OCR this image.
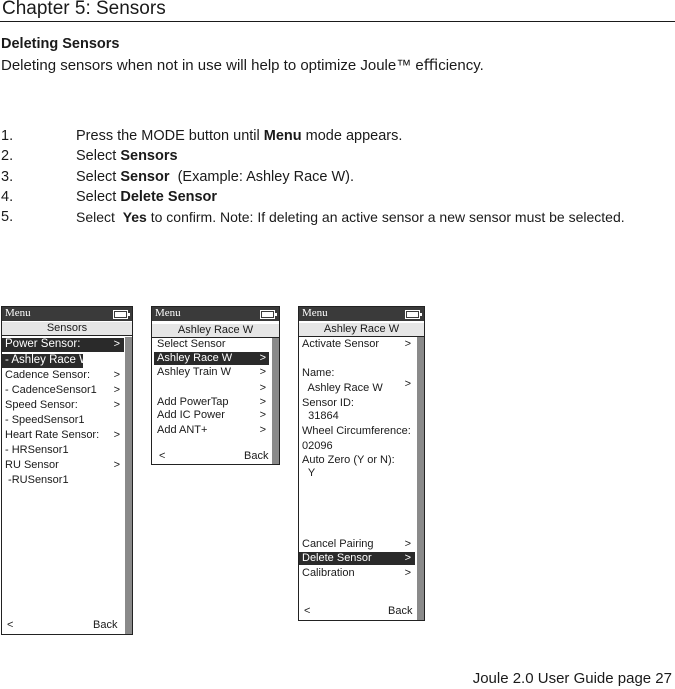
Chapter 5: Sensors
Deleting Sensors
Deleting sensors when not in use will help to optimize Joule™ eﬃciency.
1.	Press the MODE button until Menu mode appears.
2.	Select Sensors
3.	Select Sensor  (Example: Ashley Race W).
4.	Select Delete Sensor
5.	Select  Yes to conﬁrm. Note: If deleting an active sensor a new sensor must be selected.
Menu
Sensors
Power Sensor:	>
- Ashley Race W
Cadence Sensor: >
- CadenceSensor1 >
Speed Sensor:	>
- SpeedSensor1
Heart Rate Sensor: >
- HRSensor1
RU Sensor	>
-RUSensor1
<	Back
Menu
Ashley Race W
Select Sensor
Ashley Race W >
Ashley Train W	>
>
Add PowerTap	>
Add IC Power	>
Add ANT+	>
<	Back
Menu
Ashley Race W
Activate Sensor >
Name:
Ashley Race W >
Sensor ID:
31864
Wheel Circumference:
02096
Auto Zero (Y or N):
Y
Cancel Pairing	>
Delete Sensor	>
Calibration	>
<	Back
Joule 2.0 User Guide page 27
